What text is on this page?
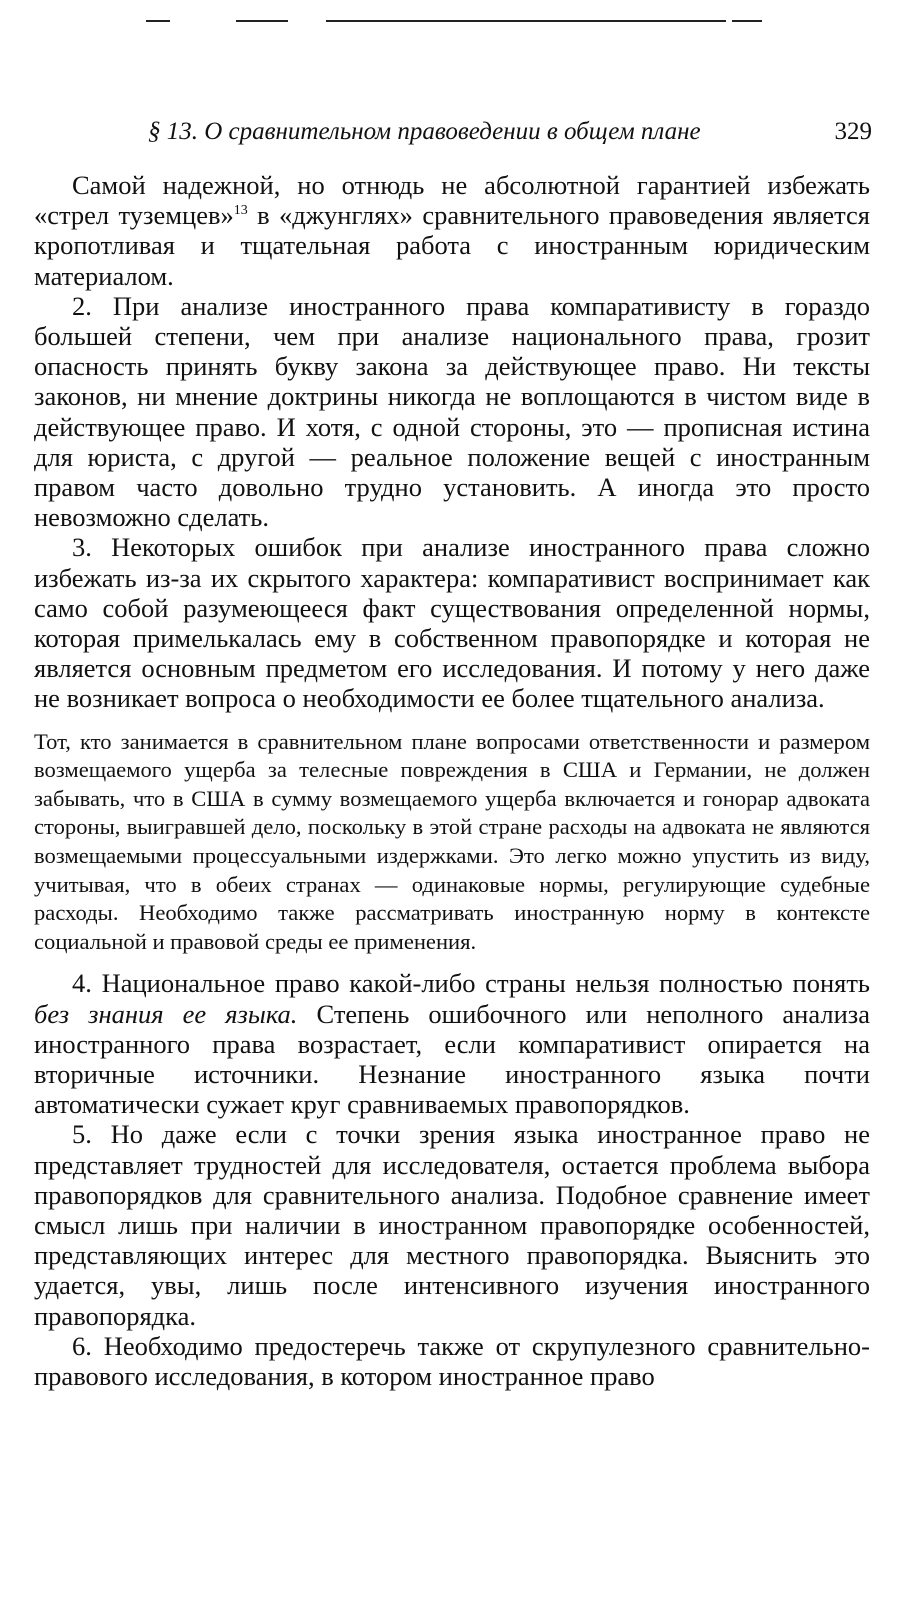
§ 13. О сравнительном правоведении в общем плане	329

Самой надежной, но отнюдь не абсолютной гарантией избежать «стрел туземцев»$^{13}$ в «джунглях» сравнительного правоведения является кропотливая и тщательная работа с иностранным юридическим материалом.

2. При анализе иностранного права компаративисту в гораздо большей степени, чем при анализе национального права, грозит опасность принять букву закона за действующее право. Ни тексты законов, ни мнение доктрины никогда не воплощаются в чистом виде в действующее право. И хотя, с одной стороны, это — прописная истина для юриста, с другой — реальное положение вещей с иностранным правом часто довольно трудно установить. А иногда это просто невозможно сделать.

3. Некоторых ошибок при анализе иностранного права сложно избежать из-за их скрытого характера: компаративист воспринимает как само собой разумеющееся факт существования определенной нормы, которая примелькалась ему в собственном правопорядке и которая не является основным предметом его исследования. И потому у него даже не возникает вопроса о необходимости ее более тщательного анализа.

Тот, кто занимается в сравнительном плане вопросами ответственности и размером возмещаемого ущерба за телесные повреждения в США и Германии, не должен забывать, что в США в сумму возмещаемого ущерба включается и гонорар адвоката стороны, выигравшей дело, поскольку в этой стране расходы на адвоката не являются возмещаемыми процессуальными издержками. Это легко можно упустить из виду, учитывая, что в обеих странах — одинаковые нормы, регулирующие судебные расходы. Необходимо также рассматривать иностранную норму в контексте социальной и правовой среды ее применения.

4. Национальное право какой-либо страны нельзя полностью понять без знания ее языка. Степень ошибочного или неполного анализа иностранного права возрастает, если компаративист опирается на вторичные источники. Незнание иностранного языка почти автоматически сужает круг сравниваемых правопорядков.

5. Но даже если с точки зрения языка иностранное право не представляет трудностей для исследователя, остается проблема выбора правопорядков для сравнительного анализа. Подобное сравнение имеет смысл лишь при наличии в иностранном правопорядке особенностей, представляющих интерес для местного правопорядка. Выяснить это удается, увы, лишь после интенсивного изучения иностранного правопорядка.

6. Необходимо предостеречь также от скрупулезного сравнительно-правового исследования, в котором иностранное право
